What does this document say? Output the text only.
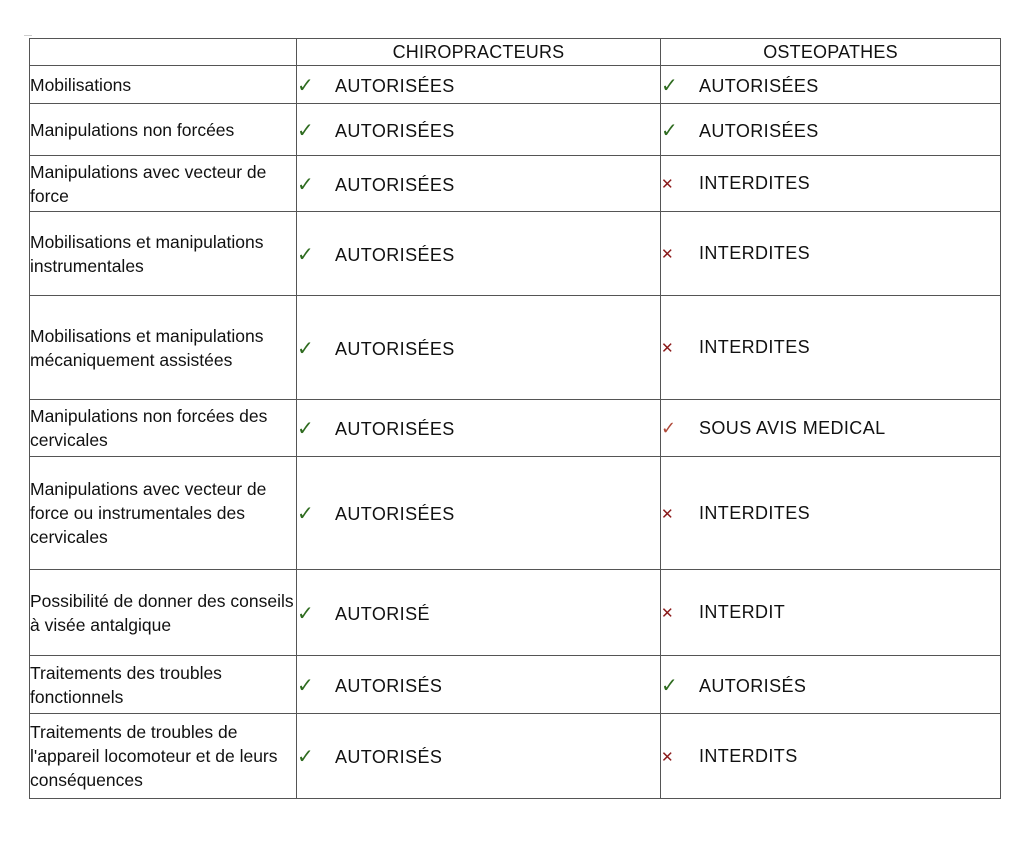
	CHIROPRACTEURS	OSTEOPATHES
Mobilisations	✓ AUTORISÉES	✓ AUTORISÉES
Manipulations non forcées	✓ AUTORISÉES	✓ AUTORISÉES
Manipulations avec vecteur de force	✓ AUTORISÉES	✕ INTERDITES
Mobilisations et manipulations instrumentales	✓ AUTORISÉES	✕ INTERDITES
Mobilisations et manipulations mécaniquement assistées	✓ AUTORISÉES	✕ INTERDITES
Manipulations non forcées des cervicales	✓ AUTORISÉES	✓ SOUS AVIS MEDICAL
Manipulations avec vecteur de force ou instrumentales des cervicales	✓ AUTORISÉES	✕ INTERDITES
Possibilité de donner des conseils à visée antalgique	✓ AUTORISÉ	✕ INTERDIT
Traitements des troubles fonctionnels	✓ AUTORISÉS	✓ AUTORISÉS
Traitements de troubles de l'appareil locomoteur et de leurs conséquences	✓ AUTORISÉS	✕ INTERDITS
